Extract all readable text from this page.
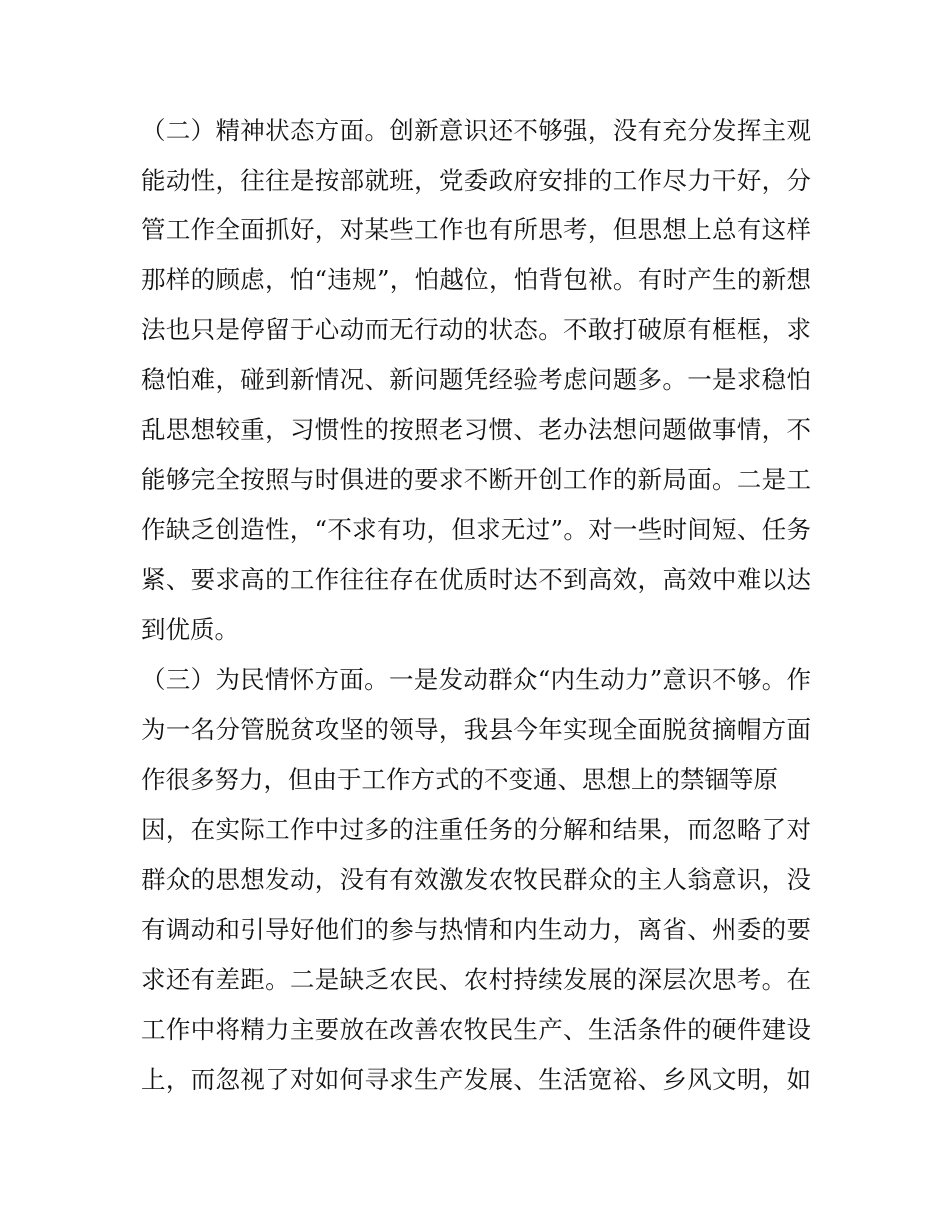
（二）精神状态方面。创新意识还不够强，没有充分发挥主观
能动性，往往是按部就班，党委政府安排的工作尽力干好，分
管工作全面抓好，对某些工作也有所思考，但思想上总有这样
那样的顾虑，怕“违规”，怕越位，怕背包袱。有时产生的新想
法也只是停留于心动而无行动的状态。不敢打破原有框框，求
稳怕难，碰到新情况、新问题凭经验考虑问题多。一是求稳怕
乱思想较重，习惯性的按照老习惯、老办法想问题做事情，不
能够完全按照与时俱进的要求不断开创工作的新局面。二是工
作缺乏创造性，“不求有功，但求无过”。对一些时间短、任务
紧、要求高的工作往往存在优质时达不到高效，高效中难以达
到优质。
（三）为民情怀方面。一是发动群众“内生动力”意识不够。作
为一名分管脱贫攻坚的领导，我县今年实现全面脱贫摘帽方面
作很多努力，但由于工作方式的不变通、思想上的禁锢等原
因，在实际工作中过多的注重任务的分解和结果，而忽略了对
群众的思想发动，没有有效激发农牧民群众的主人翁意识，没
有调动和引导好他们的参与热情和内生动力，离省、州委的要
求还有差距。二是缺乏农民、农村持续发展的深层次思考。在
工作中将精力主要放在改善农牧民生产、生活条件的硬件建设
上，而忽视了对如何寻求生产发展、生活宽裕、乡风文明，如
